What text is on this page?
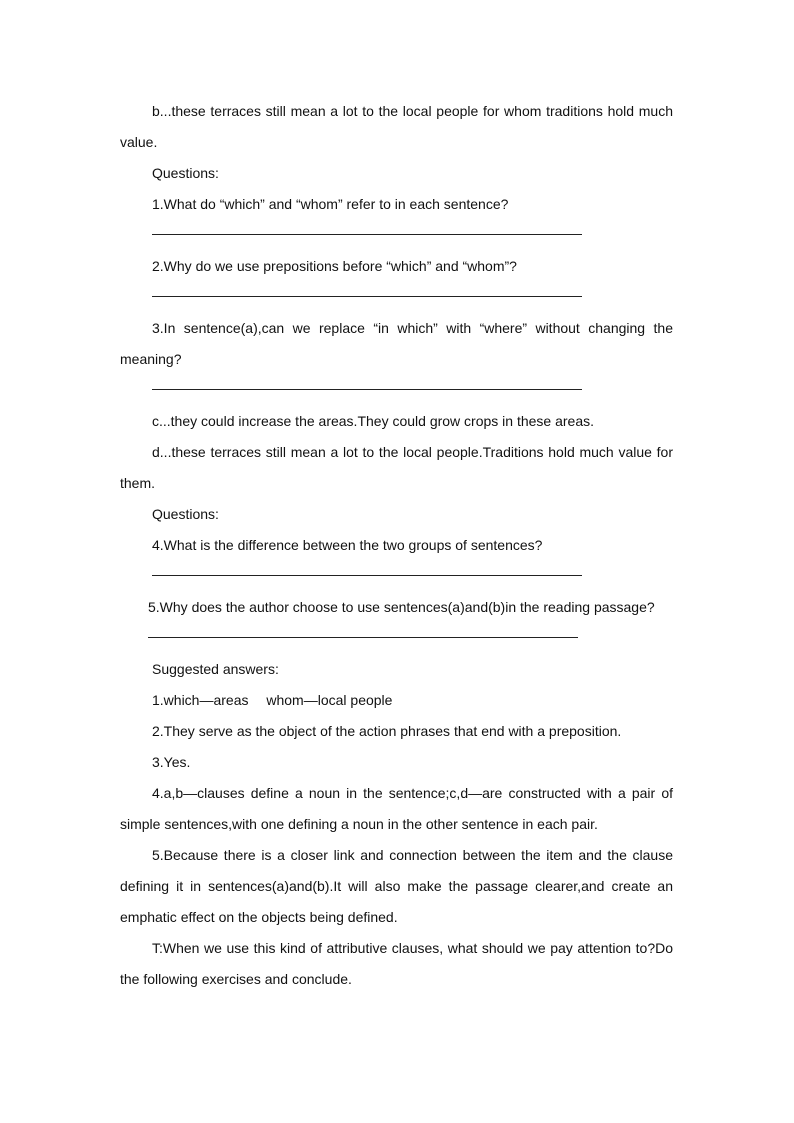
b...these terraces still mean a lot to the local people for whom traditions hold much value.

Questions:

1.What do “which” and “whom” refer to in each sentence?

2.Why do we use prepositions before “which” and “whom”?

3.In sentence(a),can we replace “in which” with “where” without changing the meaning?

c...they could increase the areas.They could grow crops in these areas.

d...these terraces still mean a lot to the local people.Traditions hold much value for them.

Questions:

4.What is the difference between the two groups of sentences?

5.Why does the author choose to use sentences(a)and(b)in the reading passage?

Suggested answers:

1.which—areas　 whom—local people

2.They serve as the object of the action phrases that end with a preposition.

3.Yes.

4.a,b—clauses define a noun in the sentence;c,d—are constructed with a pair of simple sentences,with one defining a noun in the other sentence in each pair.

5.Because there is a closer link and connection between the item and the clause defining it in sentences(a)and(b).It will also make the passage clearer,and create an emphatic effect on the objects being defined.

T:When we use this kind of attributive clauses, what should we pay attention to?Do the following exercises and conclude.
